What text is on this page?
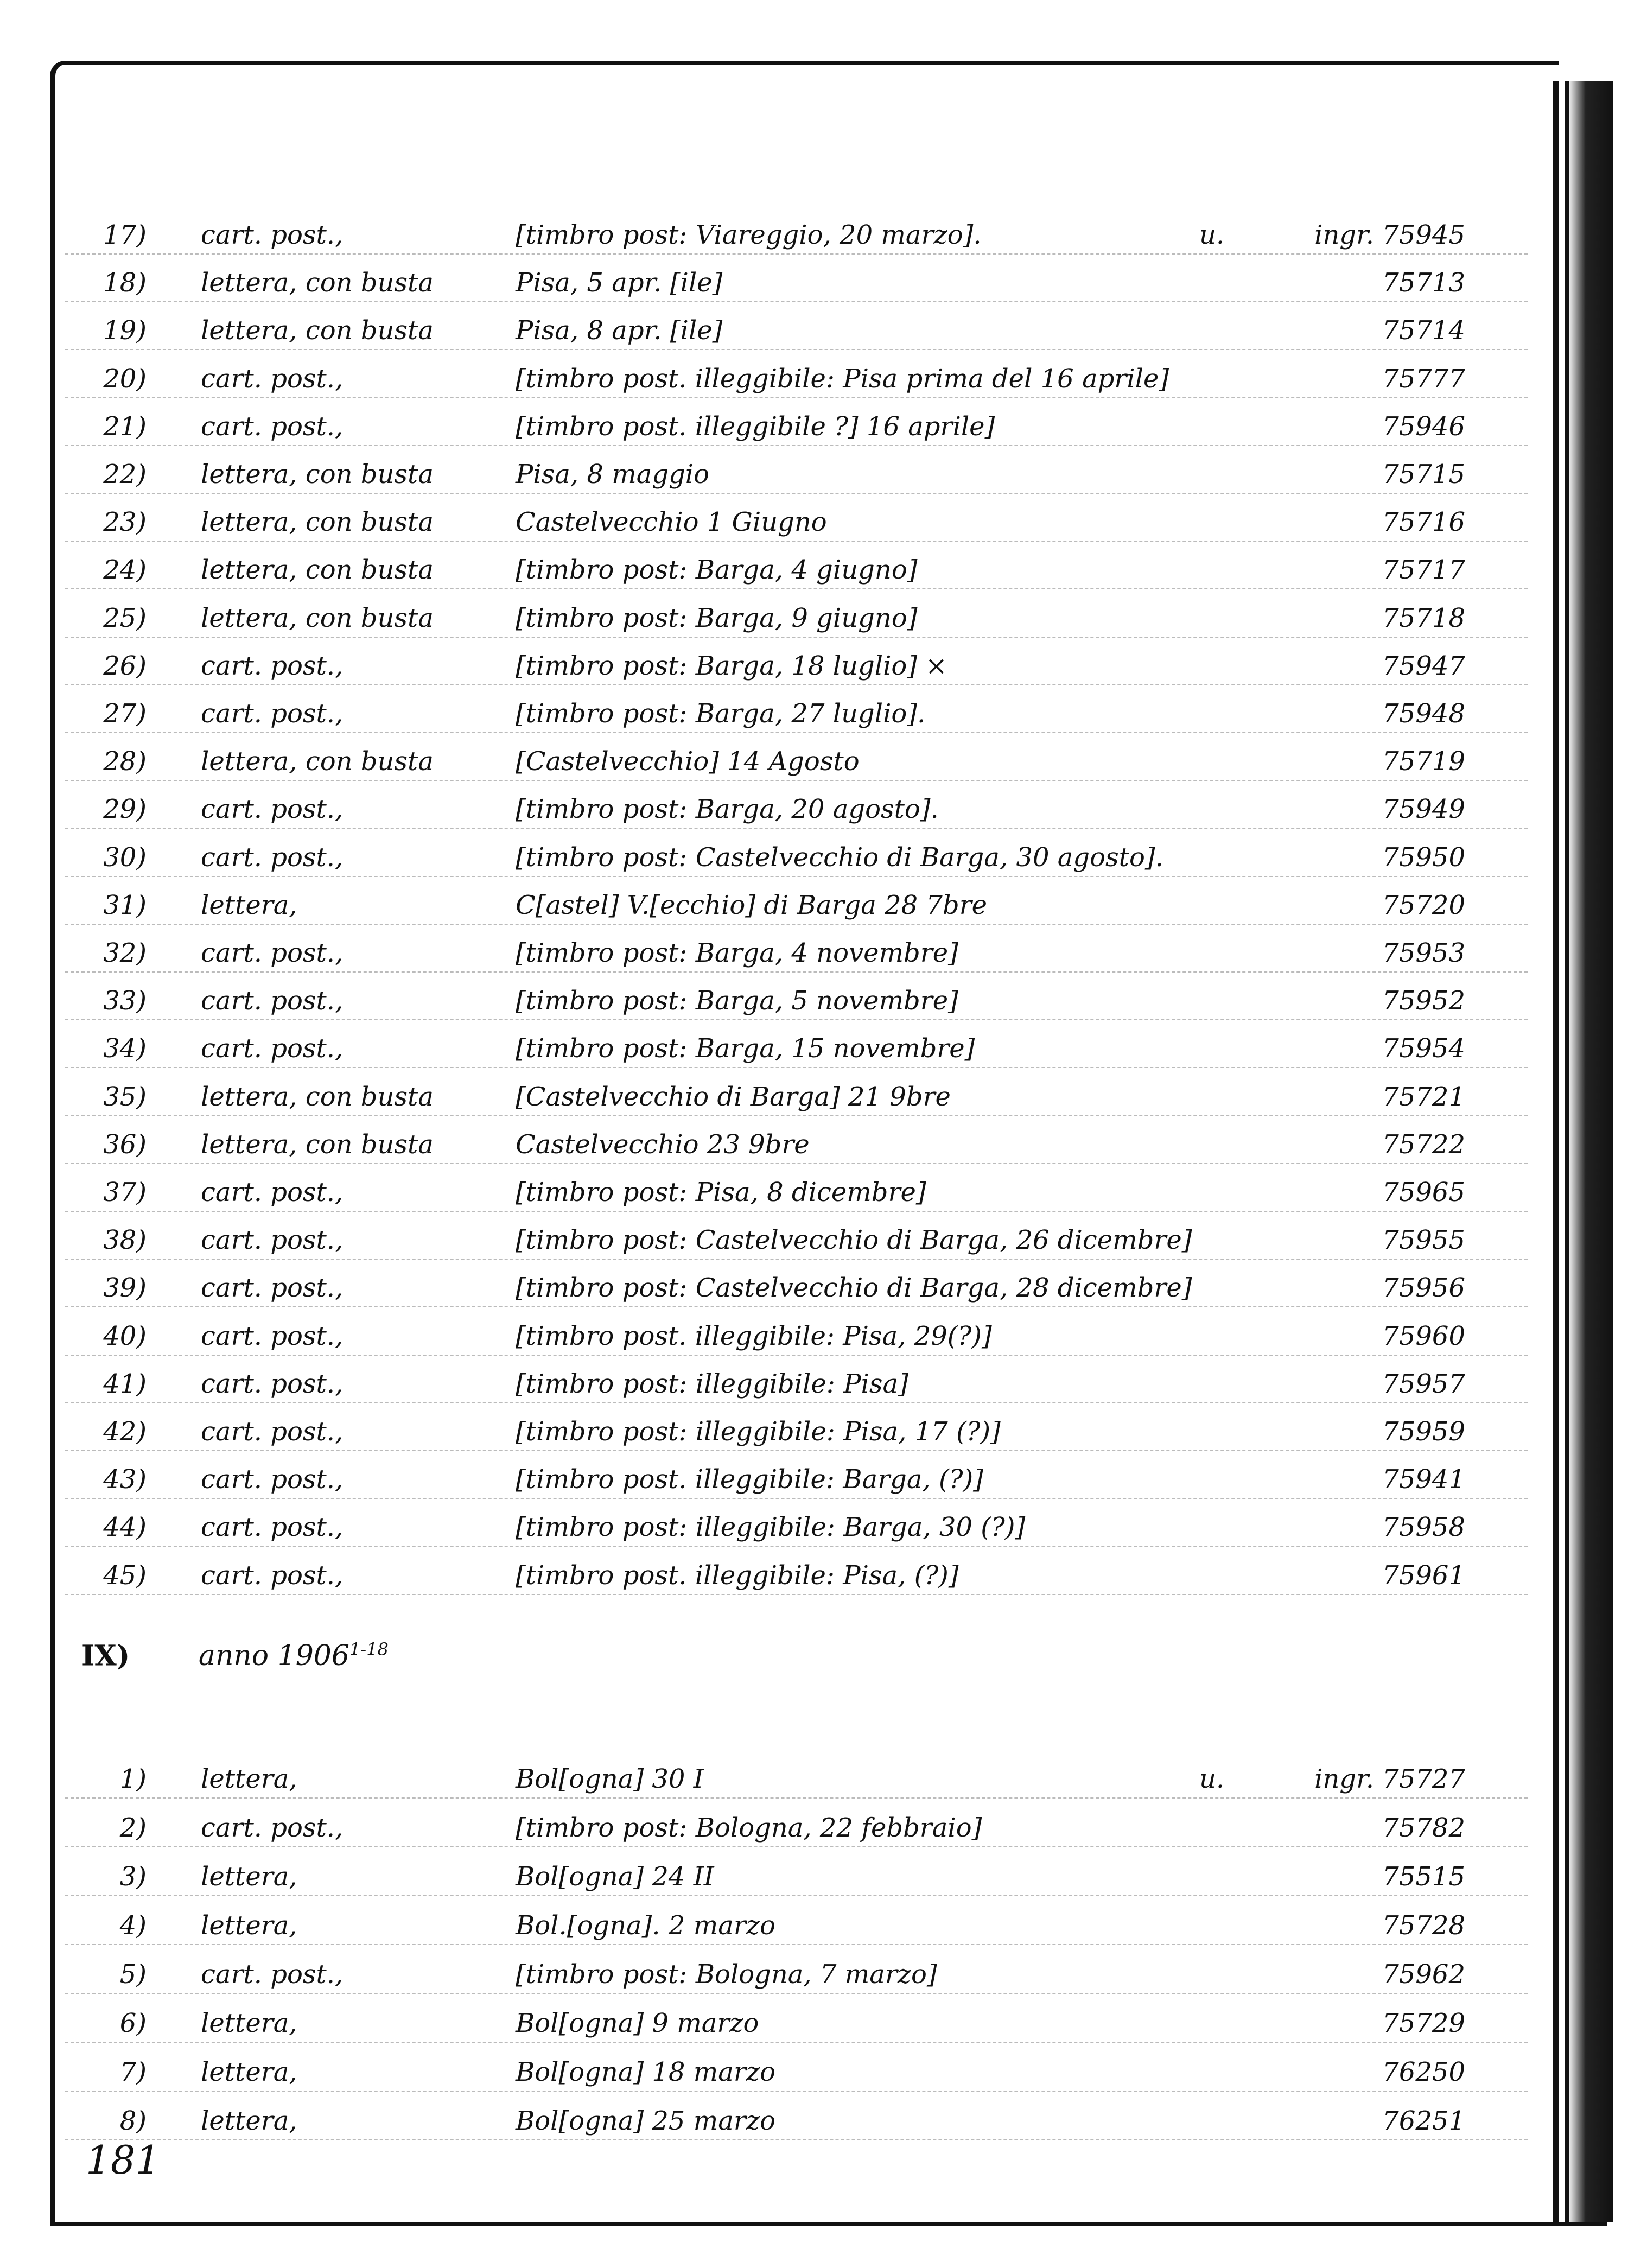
17) cart. post.,	[timbro post: Viareggio, 20 marzo].	u.	ingr. 75945
18) lettera, con busta	Pisa, 5 apr. [ile]	75713
19) lettera, con busta	Pisa, 8 apr. [ile]	75714
20) cart. post.,	[timbro post. illeggibile: Pisa prima del 16 aprile]	75777
21) cart. post.,	[timbro post. illeggibile ?] 16 aprile]	75946
22) lettera, con busta	Pisa, 8 maggio	75715
23) lettera, con busta	Castelvecchio 1 Giugno	75716
24) lettera, con busta	[timbro post: Barga, 4 giugno]	75717
25) lettera, con busta	[timbro post: Barga, 9 giugno]	75718
26) cart. post.,	[timbro post: Barga, 18 luglio] ×	75947
27) cart. post.,	[timbro post: Barga, 27 luglio].	75948
28) lettera, con busta	[Castelvecchio] 14 Agosto	75719
29) cart. post.,	[timbro post: Barga, 20 agosto].	75949
30) cart. post.,	[timbro post: Castelvecchio di Barga, 30 agosto].	75950
31) lettera,	C[astel] V.[ecchio] di Barga 28 7bre	75720
32) cart. post.,	[timbro post: Barga, 4 novembre]	75953
33) cart. post.,	[timbro post: Barga, 5 novembre]	75952
34) cart. post.,	[timbro post: Barga, 15 novembre]	75954
35) lettera, con busta	[Castelvecchio di Barga] 21 9bre	75721
36) lettera, con busta	Castelvecchio 23 9bre	75722
37) cart. post.,	[timbro post: Pisa, 8 dicembre]	75965
38) cart. post.,	[timbro post: Castelvecchio di Barga, 26 dicembre]	75955
39) cart. post.,	[timbro post: Castelvecchio di Barga, 28 dicembre]	75956
40) cart. post.,	[timbro post. illeggibile: Pisa, 29(?)]	75960
41) cart. post.,	[timbro post: illeggibile: Pisa]	75957
42) cart. post.,	[timbro post: illeggibile: Pisa, 17 (?)]	75959
43) cart. post.,	[timbro post. illeggibile: Barga, (?)]	75941
44) cart. post.,	[timbro post: illeggibile: Barga, 30 (?)]	75958
45) cart. post.,	[timbro post. illeggibile: Pisa, (?)]	75961
IX) anno 1906$^{1-18}$
1) lettera,	Bol[ogna] 30 I	u.	ingr. 75727
2) cart. post.,	[timbro post: Bologna, 22 febbraio]	75782
3) lettera,	Bol[ogna] 24 II	75515
4) lettera,	Bol.[ogna]. 2 marzo	75728
5) cart. post.,	[timbro post: Bologna, 7 marzo]	75962
6) lettera,	Bol[ogna] 9 marzo	75729
7) lettera,	Bol[ogna] 18 marzo	76250
8) lettera,	Bol[ogna] 25 marzo	76251
181
